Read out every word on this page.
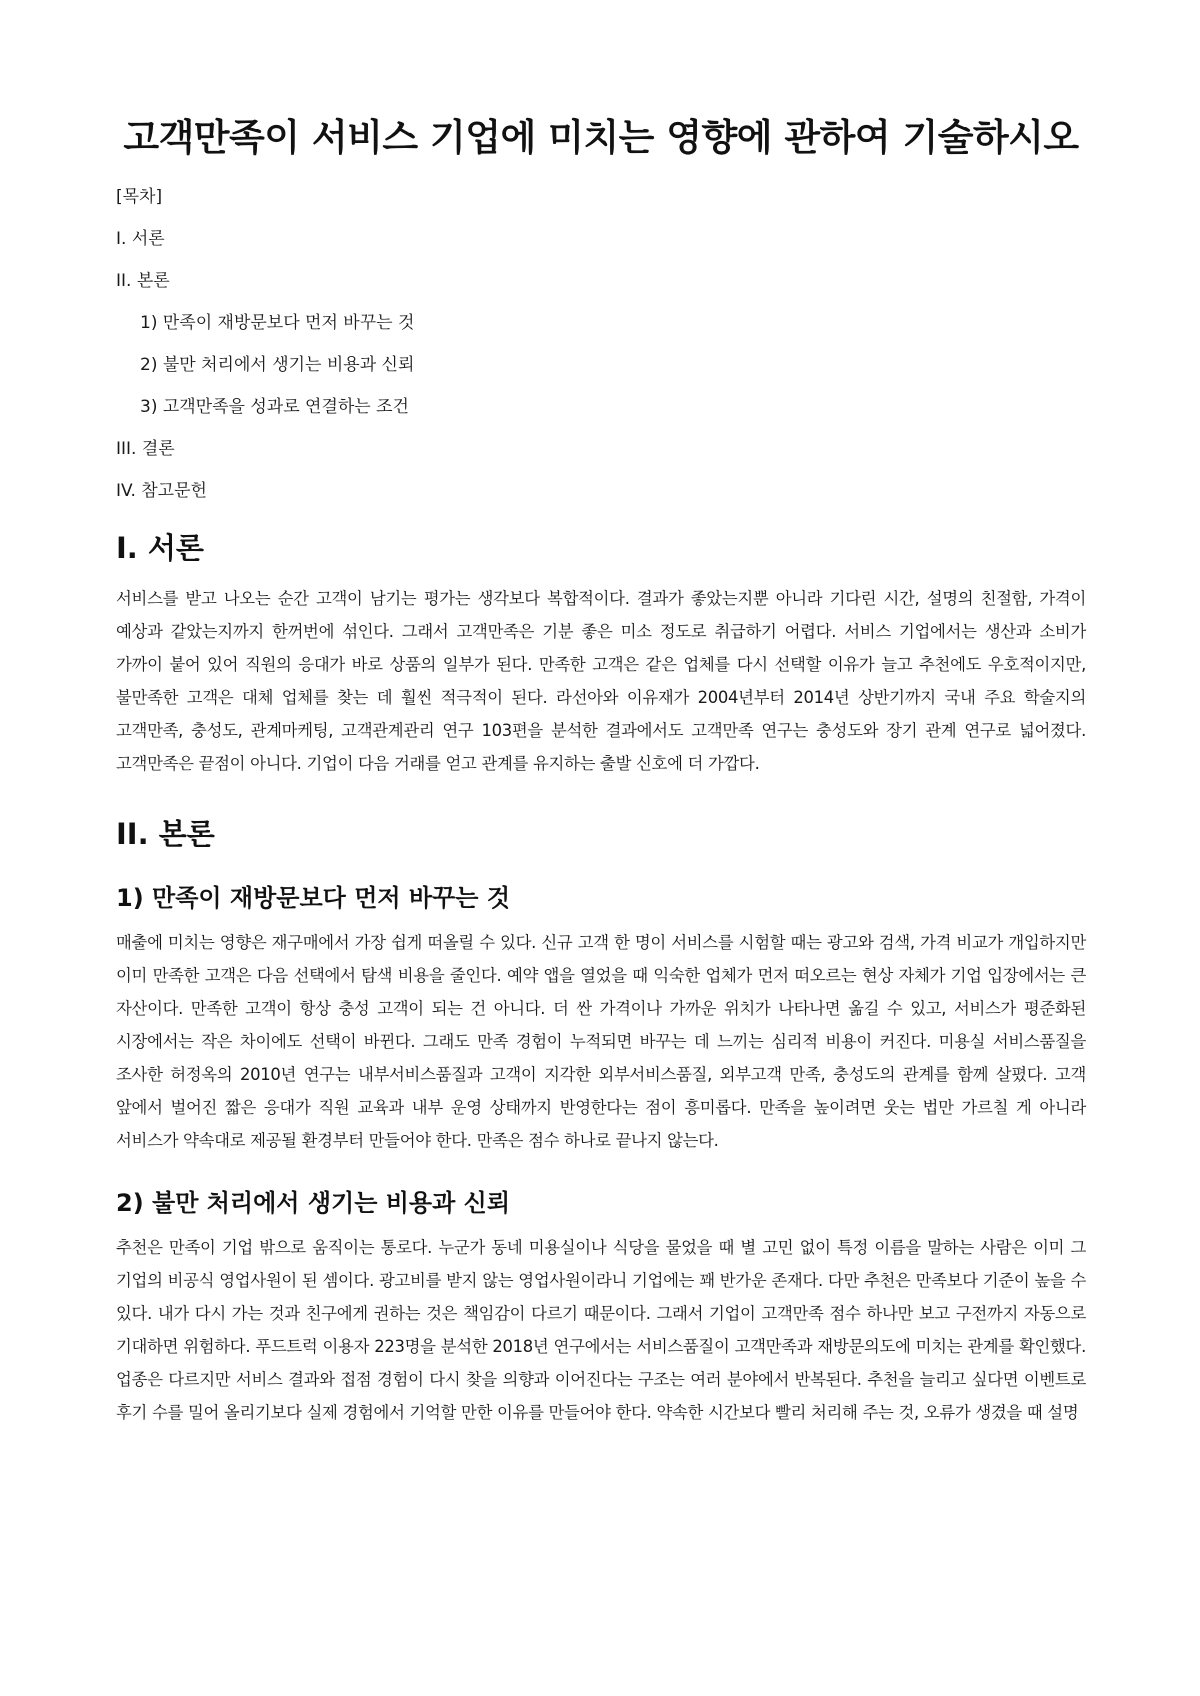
고객만족이 서비스 기업에 미치는 영향에 관하여 기술하시오
[목차]
I. 서론
II. 본론
1) 만족이 재방문보다 먼저 바꾸는 것
2) 불만 처리에서 생기는 비용과 신뢰
3) 고객만족을 성과로 연결하는 조건
III. 결론
IV. 참고문헌
I. 서론

서비스를 받고 나오는 순간 고객이 남기는 평가는 생각보다 복합적이다. 결과가 좋았는지뿐 아니라 기다린 시간, 설명의 친절함, 가격이 예상과 같았는지까지 한꺼번에 섞인다. 그래서 고객만족은 기분 좋은 미소 정도로 취급하기 어렵다. 서비스 기업에서는 생산과 소비가 가까이 붙어 있어 직원의 응대가 바로 상품의 일부가 된다. 만족한 고객은 같은 업체를 다시 선택할 이유가 늘고 추천에도 우호적이지만, 불만족한 고객은 대체 업체를 찾는 데 훨씬 적극적이 된다. 라선아와 이유재가 2004년부터 2014년 상반기까지 국내 주요 학술지의 고객만족, 충성도, 관계마케팅, 고객관계관리 연구 103편을 분석한 결과에서도 고객만족 연구는 충성도와 장기 관계 연구로 넓어졌다. 고객만족은 끝점이 아니다. 기업이 다음 거래를 얻고 관계를 유지하는 출발 신호에 더 가깝다.

II. 본론
1) 만족이 재방문보다 먼저 바꾸는 것

매출에 미치는 영향은 재구매에서 가장 쉽게 떠올릴 수 있다. 신규 고객 한 명이 서비스를 시험할 때는 광고와 검색, 가격 비교가 개입하지만 이미 만족한 고객은 다음 선택에서 탐색 비용을 줄인다. 예약 앱을 열었을 때 익숙한 업체가 먼저 떠오르는 현상 자체가 기업 입장에서는 큰 자산이다. 만족한 고객이 항상 충성 고객이 되는 건 아니다. 더 싼 가격이나 가까운 위치가 나타나면 옮길 수 있고, 서비스가 평준화된 시장에서는 작은 차이에도 선택이 바뀐다. 그래도 만족 경험이 누적되면 바꾸는 데 느끼는 심리적 비용이 커진다. 미용실 서비스품질을 조사한 허정옥의 2010년 연구는 내부서비스품질과 고객이 지각한 외부서비스품질, 외부고객 만족, 충성도의 관계를 함께 살폈다. 고객 앞에서 벌어진 짧은 응대가 직원 교육과 내부 운영 상태까지 반영한다는 점이 흥미롭다. 만족을 높이려면 웃는 법만 가르칠 게 아니라 서비스가 약속대로 제공될 환경부터 만들어야 한다. 만족은 점수 하나로 끝나지 않는다.

2) 불만 처리에서 생기는 비용과 신뢰

추천은 만족이 기업 밖으로 움직이는 통로다. 누군가 동네 미용실이나 식당을 물었을 때 별 고민 없이 특정 이름을 말하는 사람은 이미 그 기업의 비공식 영업사원이 된 셈이다. 광고비를 받지 않는 영업사원이라니 기업에는 꽤 반가운 존재다. 다만 추천은 만족보다 기준이 높을 수 있다. 내가 다시 가는 것과 친구에게 권하는 것은 책임감이 다르기 때문이다. 그래서 기업이 고객만족 점수 하나만 보고 구전까지 자동으로 기대하면 위험하다. 푸드트럭 이용자 223명을 분석한 2018년 연구에서는 서비스품질이 고객만족과 재방문의도에 미치는 관계를 확인했다. 업종은 다르지만 서비스 결과와 접점 경험이 다시 찾을 의향과 이어진다는 구조는 여러 분야에서 반복된다. 추천을 늘리고 싶다면 이벤트로 후기 수를 밀어 올리기보다 실제 경험에서 기억할 만한 이유를 만들어야 한다. 약속한 시간보다 빨리 처리해 주는 것, 오류가 생겼을 때 설명
